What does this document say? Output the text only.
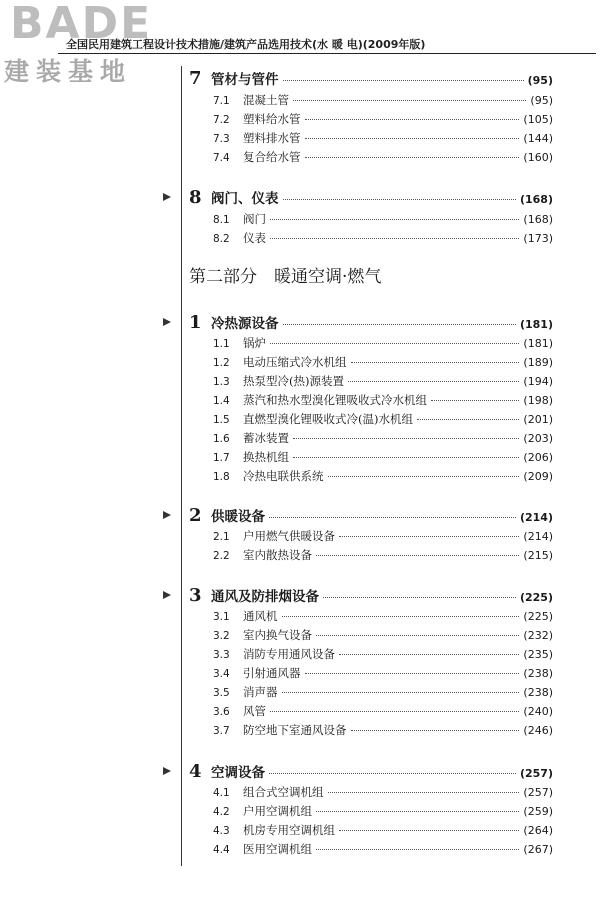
BADE
建装基地
全国民用建筑工程设计技术措施/建筑产品选用技术(水 暖 电)(2009年版)
第二部分　暖通空调·燃气
7 管材与管件	(95)
7.1	混凝土管	(95)
7.2	塑料给水管	(105)
7.3	塑料排水管	(144)
7.4	复合给水管	(160)
8 阀门、仪表	(168)
8.1	阀门	(168)
8.2	仪表	(173)
1 冷热源设备	(181)
1.1	锅炉	(181)
1.2	电动压缩式冷水机组	(189)
1.3	热泵型冷(热)源装置	(194)
1.4	蒸汽和热水型溴化锂吸收式冷水机组	(198)
1.5	直燃型溴化锂吸收式冷(温)水机组	(201)
1.6	蓄冰装置	(203)
1.7	换热机组	(206)
1.8	冷热电联供系统	(209)
2 供暖设备	(214)
2.1	户用燃气供暖设备	(214)
2.2	室内散热设备	(215)
3 通风及防排烟设备	(225)
3.1	通风机	(225)
3.2	室内换气设备	(232)
3.3	消防专用通风设备	(235)
3.4	引射通风器	(238)
3.5	消声器	(238)
3.6	风管	(240)
3.7	防空地下室通风设备	(246)
4 空调设备	(257)
4.1	组合式空调机组	(257)
4.2	户用空调机组	(259)
4.3	机房专用空调机组	(264)
4.4	医用空调机组	(267)
